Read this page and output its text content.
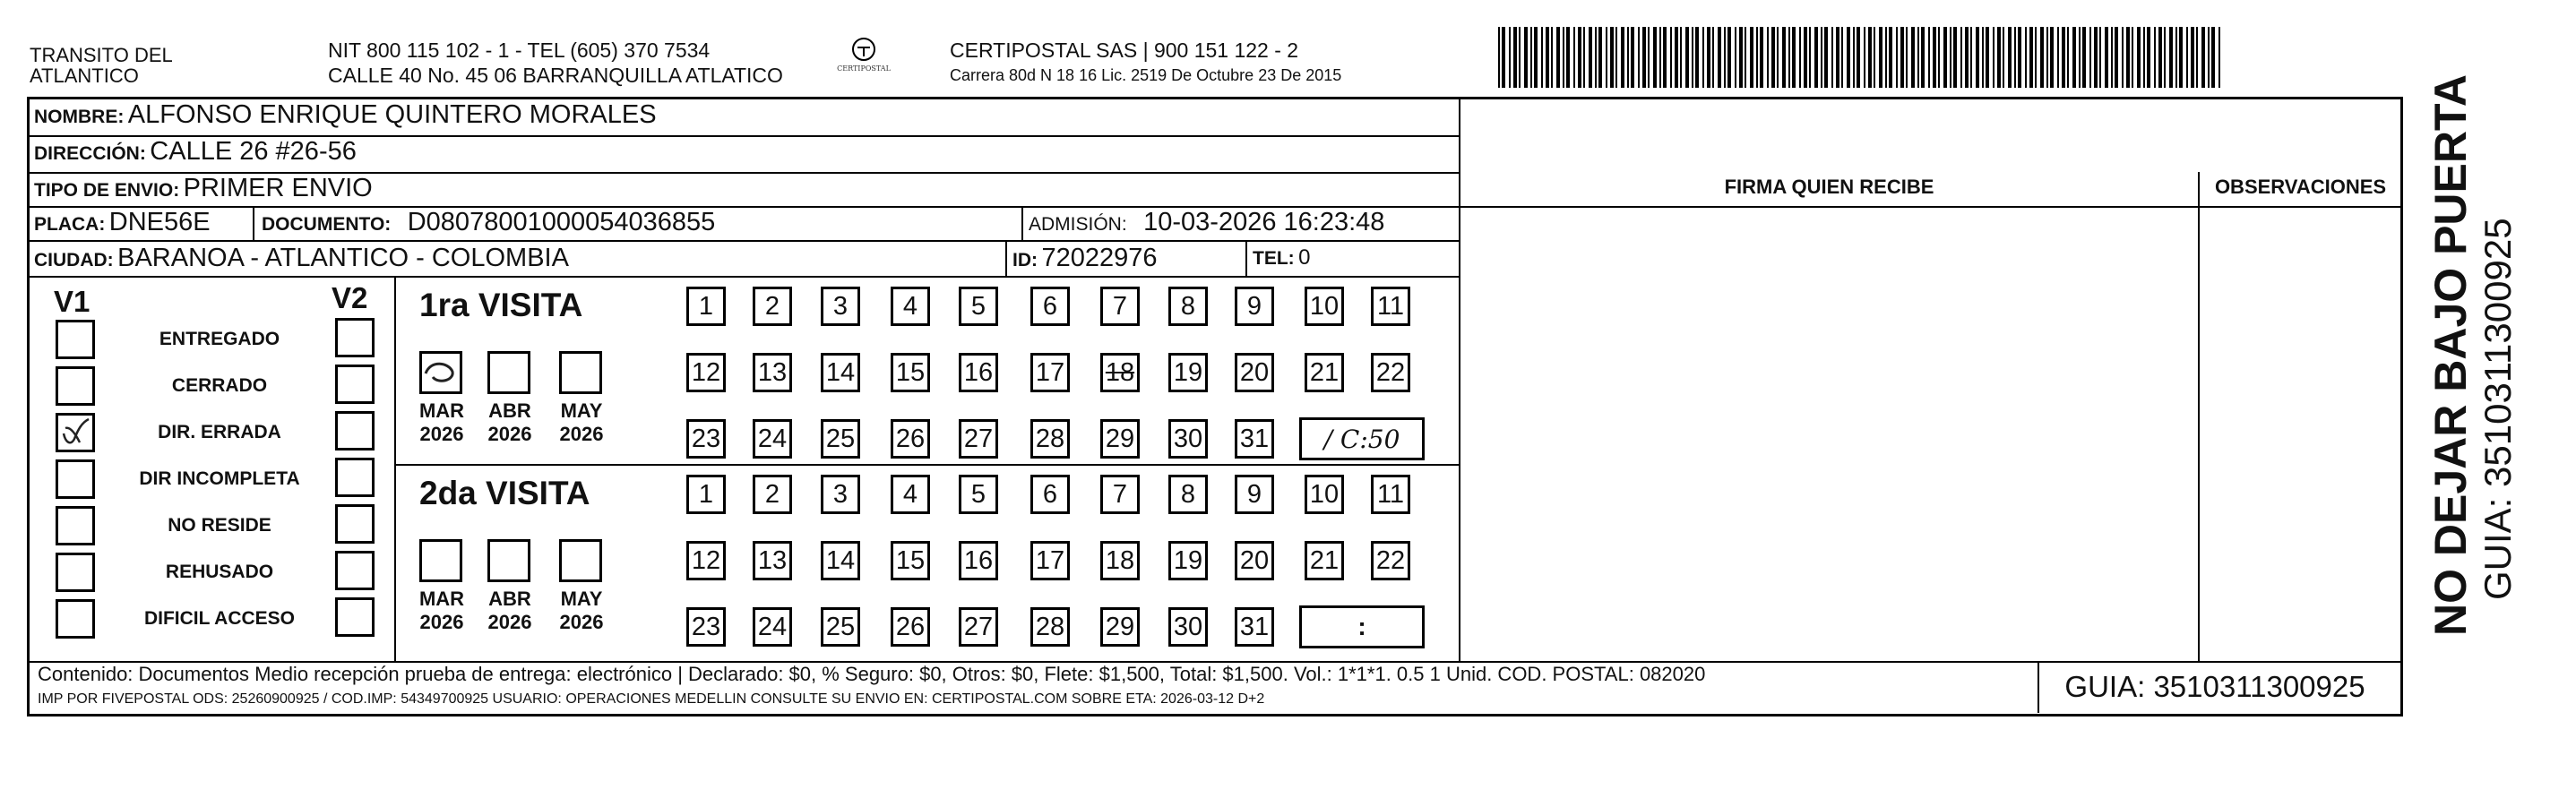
TRANSITO DEL ATLANTICO
NIT 800 115 102 - 1 - TEL (605) 370 7534
CALLE 40 No. 45 06 BARRANQUILLA ATLATICO	CERTIPOSTAL
CERTIPOSTAL SAS | 900 151 122 - 2
Carrera 80d N 18 16 Lic. 2519 De Octubre 23 De 2015
NOMBRE: ALFONSO ENRIQUE QUINTERO MORALES
DIRECCIÓN: CALLE 26 #26-56
TIPO DE ENVIO: PRIMER ENVIO
PLACA: DNE56E	DOCUMENTO: D08078001000054036855	ADMISIÓN: 10-03-2026 16:23:48
CIUDAD: BARANOA - ATLANTICO - COLOMBIA	ID: 72022976	TEL: 0
FIRMA QUIEN RECIBE	OBSERVACIONES
V1	V2
ENTREGADO
CERRADO
DIR. ERRADA
DIR INCOMPLETA
NO RESIDE
REHUSADO
DIFICIL ACCESO
1ra VISITA
MAR
2026
ABR
2026
MAY
2026
1	2	3	4	5	6	7	8	9	10 11
12 13 14 15 16 17 18 19 20 21 22
23 24 25 26 27 28 29 30 31	/ C:50
2da VISITA
MAR
2026
ABR
2026
MAY
2026
1	2	3	4	5	6	7	8	9	10 11
12 13 14 15 16 17 18 19 20 21 22
23 24 25 26 27 28 29 30 31	:
Contenido: Documentos Medio recepción prueba de entrega: electrónico | Declarado: $0, % Seguro: $0, Otros: $0, Flete: $1,500, Total: $1,500. Vol.: 1*1*1. 0.5 1 Unid. COD. POSTAL: 082020
IMP POR FIVEPOSTAL ODS: 25260900925 / COD.IMP: 54349700925 USUARIO: OPERACIONES MEDELLIN CONSULTE SU ENVIO EN: CERTIPOSTAL.COM SOBRE ETA: 2026-03-12 D+2	GUIA: 3510311300925
NO DEJAR BAJO PUERTA GUIA: 3510311300925
